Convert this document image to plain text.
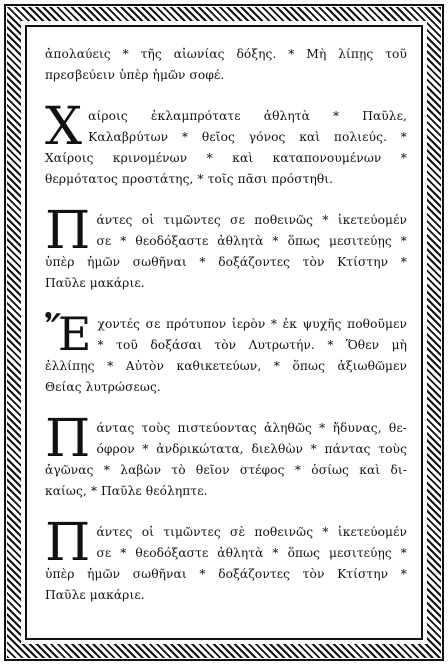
ἀπολαύεις * τῆς αἰωνίας δόξης. * Μὴ λίπῃς τοῦ
πρεσβεύειν ὑπὲρ ἡμῶν σοφέ.
Χ αίροις ἐκλαμπρότατε ἀθλητὰ * Παῦλε,
Καλαβρύτων * θεῖος γόνος καὶ πολιεύς. *
Χαίροις κρινομένων * καὶ καταπονουμένων *
θερμότατος προστάτης, * τοῖς πᾶσι πρόστηθι.
Π άντες οἱ τιμῶντες σε ποθεινῶς * ἱκετεύομέν
σε * θεοδόξαστε ἀθλητὰ * ὅπως μεσιτεύῃς *
ὑπὲρ ἡμῶν σωθῆναι * δοξάζοντες τὸν Κτίστην *
Παῦλε μακάριε.
Ἔ χοντές σε πρότυπον ἱερὸν * ἐκ ψυχῆς ποθοῦμεν
* τοῦ δοξάσαι τὸν Λυτρωτήν. * Ὅθεν μὴ
ἐλλίπῃς * Αὐτὸν καθικετεύων, * ὅπως ἀξιωθῶμεν
Θείας λυτρώσεως.
Π άντας τοὺς πιστεύοντας ἀληθῶς * ἤδυνας, θε-
όφρον * ἀνδρικώτατα, διελθὼν * πάντας τοὺς
ἀγῶνας * λαβὼν τὸ θεῖον στέφος * ὁσίως καὶ δι-
καίως, * Παῦλε θεόληπτε.
Π άντες οἱ τιμῶντες σὲ ποθεινῶς * ἱκετεύομέν
σε * θεοδόξαστε ἀθλητὰ * ὅπως μεσιτεύῃς *
ὑπὲρ ἡμῶν σωθῆναι * δοξάζοντες τὸν Κτίστην *
Παῦλε μακάριε.
